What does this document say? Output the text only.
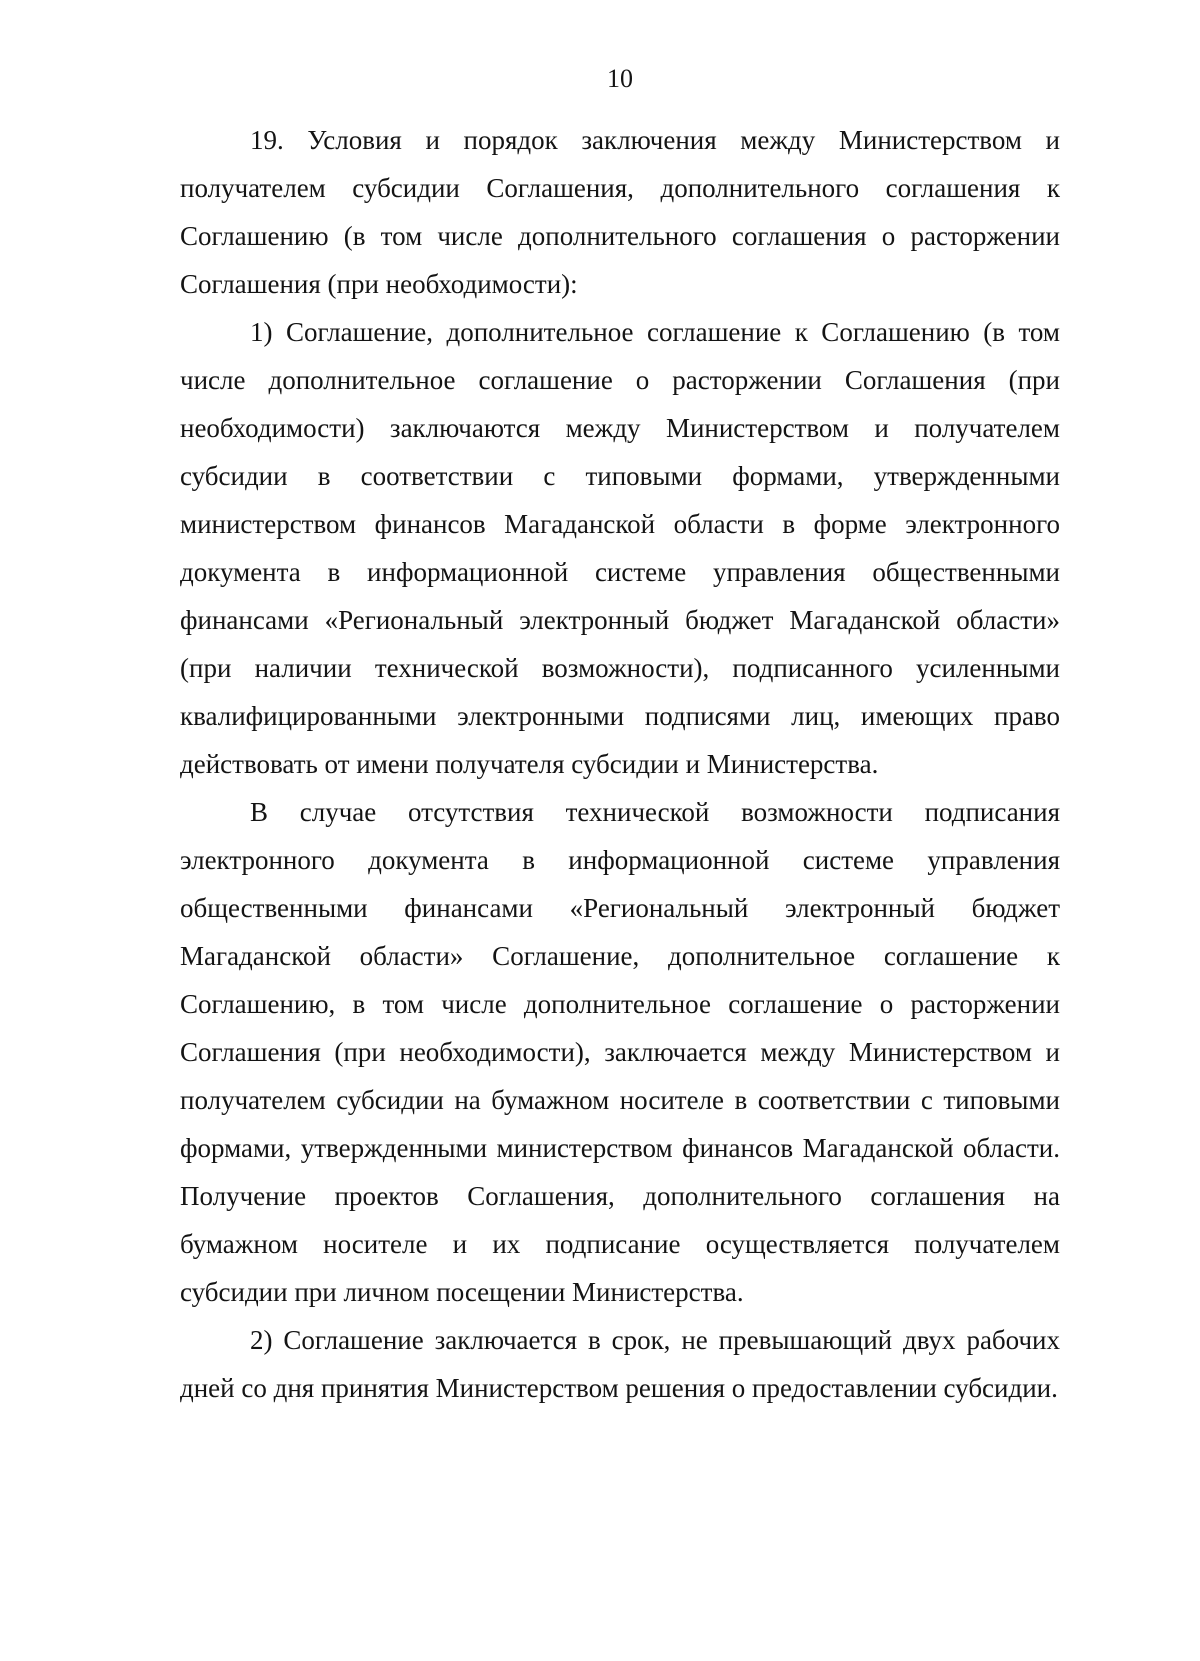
10

19. Условия и порядок заключения между Министерством и получателем субсидии Соглашения, дополнительного соглашения к Соглашению (в том числе дополнительного соглашения о расторжении Соглашения (при необходимости):

1) Соглашение, дополнительное соглашение к Соглашению (в том числе дополнительное соглашение о расторжении Соглашения (при необходимости) заключаются между Министерством и получателем субсидии в соответствии с типовыми формами, утвержденными министерством финансов Магаданской области в форме электронного документа в информационной системе управления общественными финансами «Региональный электронный бюджет Магаданской области» (при наличии технической возможности), подписанного усиленными квалифицированными электронными подписями лиц, имеющих право действовать от имени получателя субсидии и Министерства.

В случае отсутствия технической возможности подписания электронного документа в информационной системе управления общественными финансами «Региональный электронный бюджет Магаданской области» Соглашение, дополнительное соглашение к Соглашению, в том числе дополнительное соглашение о расторжении Соглашения (при необходимости), заключается между Министерством и получателем субсидии на бумажном носителе в соответствии с типовыми формами, утвержденными министерством финансов Магаданской области. Получение проектов Соглашения, дополнительного соглашения на бумажном носителе и их подписание осуществляется получателем субсидии при личном посещении Министерства.

2) Соглашение заключается в срок, не превышающий двух рабочих дней со дня принятия Министерством решения о предоставлении субсидии.
